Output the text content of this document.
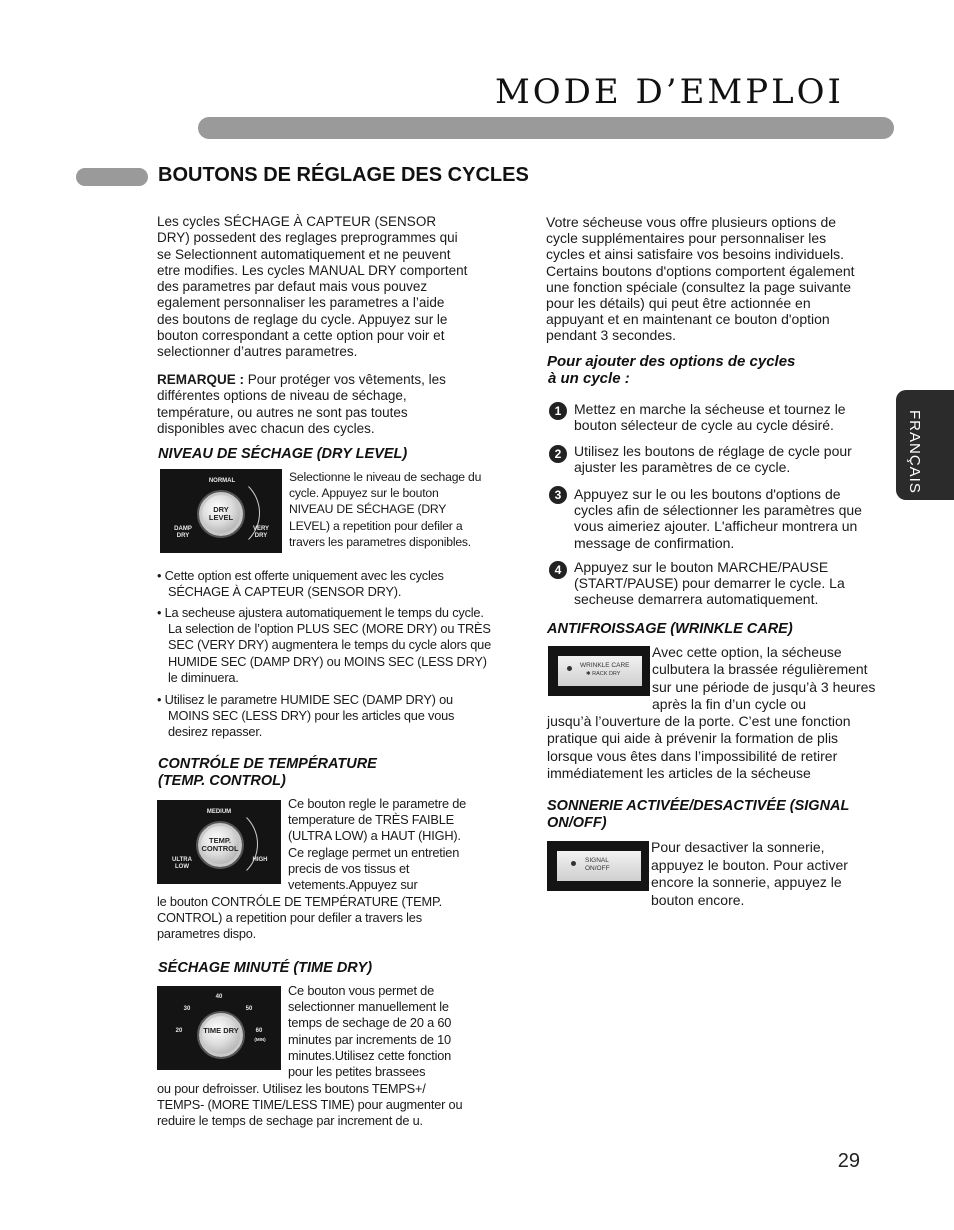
MODE D’EMPLOI
BOUTONS DE RÉGLAGE DES CYCLES
FRANÇAIS

Les cycles SÉCHAGE À CAPTEUR (SENSOR DRY) possedent des reglages preprogrammes qui se Selectionnent automatiquement et ne peuvent etre modifies. Les cycles MANUAL DRY comportent des parametres par defaut mais vous pouvez egalement personnaliser les parametres a l’aide des boutons de reglage du cycle. Appuyez sur le bouton correspondant a cette option pour voir et selectionner d’autres parametres.

REMARQUE : Pour protéger vos vêtements, les différentes options de niveau de séchage, température, ou autres ne sont pas toutes disponibles avec chacun des cycles.

NIVEAU DE SÉCHAGE (DRY LEVEL)
NORMAL
DRY LEVEL
DAMP DRY
VERY DRY

Selectionne le niveau de sechage du cycle. Appuyez sur le bouton NIVEAU DE SÉCHAGE (DRY LEVEL) a repetition pour defiler a travers les parametres disponibles.

• Cette option est offerte uniquement avec les cycles SÉCHAGE À CAPTEUR (SENSOR DRY).

• La secheuse ajustera automatiquement le temps du cycle. La selection de l’option PLUS SEC (MORE DRY) ou TRÈS SEC (VERY DRY) augmentera le temps du cycle alors que HUMIDE SEC (DAMP DRY) ou MOINS SEC (LESS DRY) le diminuera.

• Utilisez le parametre HUMIDE SEC (DAMP DRY) ou MOINS SEC (LESS DRY) pour les articles que vous desirez repasser.

CONTRÓLE DE TEMPÉRATURE
(TEMP. CONTROL)
MEDIUM
TEMP. CONTROL
ULTRA LOW
HIGH

Ce bouton regle le parametre de temperature de TRÈS FAIBLE (ULTRA LOW) a HAUT (HIGH). Ce reglage permet un entretien precis de vos tissus et vetements.Appuyez sur

le bouton CONTRÓLE DE TEMPÉRATURE (TEMP. CONTROL) a repetition pour defiler a travers les parametres dispo.

SÉCHAGE MINUTÉ (TIME DRY)
40
30	50
20	60
(MIN)
TIME DRY

Ce bouton vous permet de selectionner manuellement le temps de sechage de 20 a 60 minutes par increments de 10 minutes.Utilisez cette fonction pour les petites brassees

ou pour defroisser. Utilisez les boutons TEMPS+/ TEMPS- (MORE TIME/LESS TIME) pour augmenter ou reduire le temps de sechage par increment de u.

Votre sécheuse vous offre plusieurs options de cycle supplémentaires pour personnaliser les cycles et ainsi satisfaire vos besoins individuels. Certains boutons d'options comportent également une fonction spéciale (consultez la page suivante pour les détails) qui peut être actionnée en appuyant et en maintenant ce bouton d'option pendant 3 secondes.

Pour ajouter des options de cycles
à un cycle :
1 Mettez en marche la sécheuse et tournez le bouton sélecteur de cycle au cycle désiré.

2 Utilisez les boutons de réglage de cycle pour ajuster les paramètres de ce cycle.

3 Appuyez sur le ou les boutons d'options de cycles afin de sélectionner les paramètres que vous aimeriez ajouter. L'afficheur montrera un message de confirmation.

4 Appuyez sur le bouton MARCHE/PAUSE (START/PAUSE) pour demarrer le cycle. La secheuse demarrera automatiquement.

ANTIFROISSAGE (WRINKLE CARE)
WRINKLE CARE
✱ RACK DRY

Avec cette option, la sécheuse culbutera la brassée régulièrement sur une période de jusqu’à 3 heures après la fin d’un cycle ou

jusqu’à l’ouverture de la porte. C’est une fonction pratique qui aide à prévenir la formation de plis lorsque vous êtes dans l’impossibilité de retirer immédiatement les articles de la sécheuse

SONNERIE ACTIVÉE/DESACTIVÉE (SIGNAL
ON/OFF)
SIGNAL
ON/OFF

Pour desactiver la sonnerie, appuyez le bouton. Pour activer encore la sonnerie, appuyez le bouton encore.

29
